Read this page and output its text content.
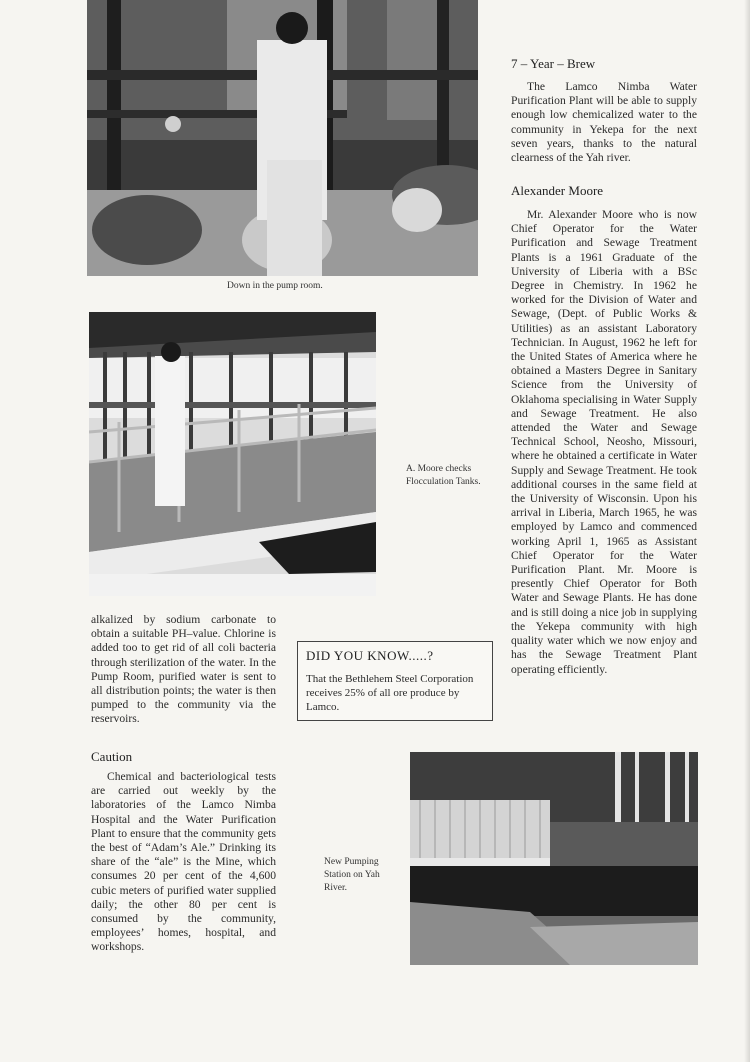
Down in the pump room.
A. Moore checks Flocculation Tanks.
7 – Year – Brew

The Lamco Nimba Water Purification Plant will be able to supply enough low chemicalized water to the community in Yekepa for the next seven years, thanks to the natural clearness of the Yah river.

Alexander Moore

Mr. Alexander Moore who is now Chief Operator for the Water Purification and Sewage Treatment Plants is a 1961 Graduate of the University of Liberia with a BSc Degree in Chemistry. In 1962 he worked for the Division of Water and Sewage, (Dept. of Public Works & Utilities) as an assistant Laboratory Technician. In August, 1962 he left for the United States of America where he obtained a Masters Degree in Sanitary Science from the University of Oklahoma specialising in Water Supply and Sewage Treatment. He also attended the Water and Sewage Technical School, Neosho, Missouri, where he obtained a certificate in Water Supply and Sewage Treatment. He took additional courses in the same field at the University of Wisconsin. Upon his arrival in Liberia, March 1965, he was employed by Lamco and commenced working April 1, 1965 as Assistant Chief Operator for the Water Purification Plant. Mr. Moore is presently Chief Operator for Both Water and Sewage Plants. He has done and is still doing a nice job in supplying the Yekepa community with high quality water which we now enjoy and has the Sewage Treatment Plant operating efficiently.

alkalized by sodium carbonate to obtain a suitable PH–value. Chlorine is added too to get rid of all coli bacteria through sterilization of the water. In the Pump Room, purified water is sent to all distribution points; the water is then pumped to the community via the reservoirs.

Caution

Chemical and bacteriological tests are carried out weekly by the laboratories of the Lamco Nimba Hospital and the Water Purification Plant to ensure that the community gets the best of “Adam’s Ale.” Drinking its share of the “ale” is the Mine, which consumes 20 per cent of the 4,600 cubic meters of purified water supplied daily; the other 80 per cent is consumed by the community, employees’ homes, hospital, and workshops.

DID YOU KNOW.....?
That the Bethlehem Steel Corporation receives 25% of all ore produce by Lamco.
New Pumping Station on Yah River.
